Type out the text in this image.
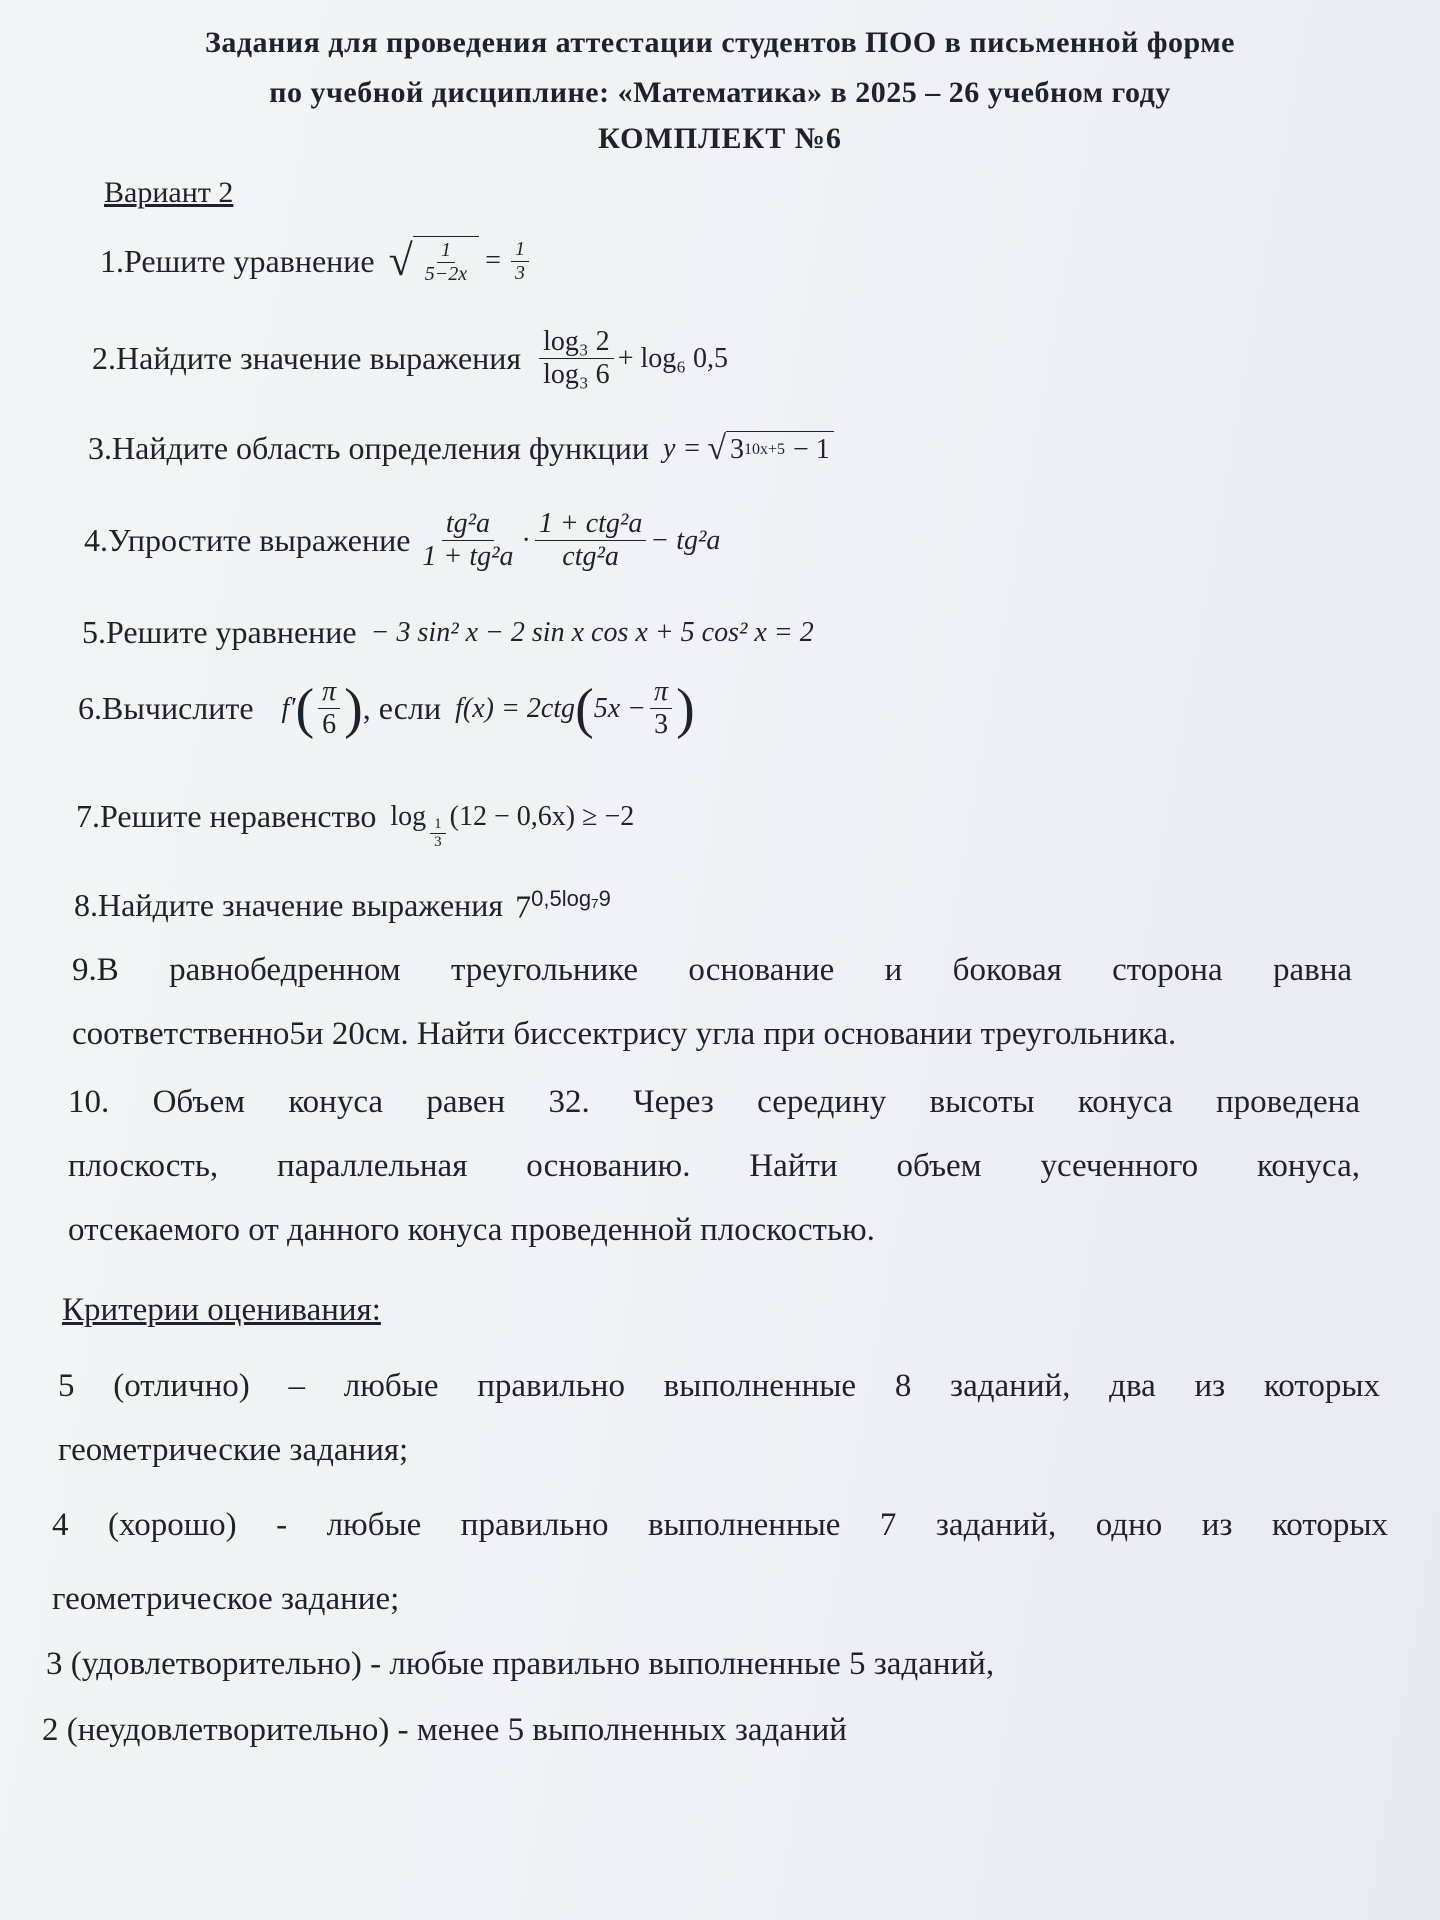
Задания для проведения аттестации студентов ПОО в письменной форме
по учебной дисциплине: «Математика» в 2025 – 26 учебном году
КОМПЛЕКТ №6
Вариант 2
1.Решите уравнение √ $\frac{1}{5-2x} = \frac{1}{3}$
2.Найдите значение выражения $\frac{\text{log₃ 2}}{\text{log₃ 6}} + \log_6$ 0,5
3.Найдите область определения функции y = √ 3 10x+5 − 1
4.Упростите выражение $\frac{\text{tg²a}}{\text{1 + tg²a}} \cdot \frac{\text{1 + ctg²a}}{\text{ctg²a}} - tg^2a$
5.Решите уравнение − 3 sin² x − 2 sin x cos x + 5 cos² x = 2
6.Вычислите f′ ( $\frac{\pi}{6}$ ) , если f(x) = 2ctg ( $5x - \frac{\pi}{3}$ )
7.Решите неравенство $\log \frac{1}{3} (12 - 0,6x) \ge -2$
8.Найдите значение выражения $7^{0,5log_79}$
9.В равнобедренном треугольнике основание и боковая сторона равна
соответственно5и 20см. Найти биссектрису угла при основании треугольника.
10. Объем конуса равен 32. Через середину высоты конуса проведена
плоскость, параллельная основанию. Найти объем усеченного конуса,
отсекаемого от данного конуса проведенной плоскостью.
Критерии оценивания:
5 (отлично) – любые правильно выполненные 8 заданий, два из которых
геометрические задания;
4 (хорошо) - любые правильно выполненные 7 заданий, одно из которых
геометрическое задание;
3 (удовлетворительно) - любые правильно выполненные 5 заданий,
2 (неудовлетворительно) - менее 5 выполненных заданий
